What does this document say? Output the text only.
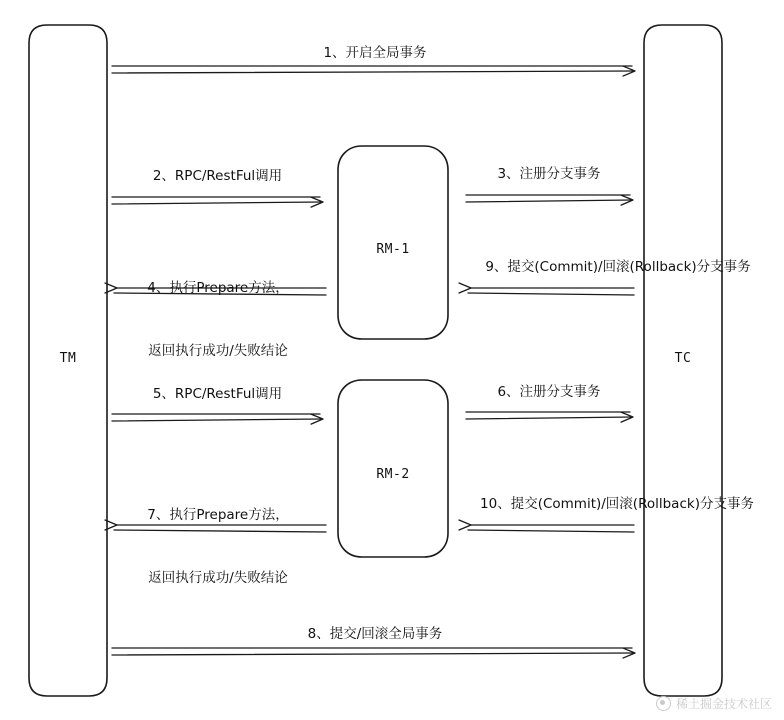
TM	TC
RM-1
RM-2
1、开启全局事务
2、RPC/RestFul调用	3、注册分支事务

4、执行Prepare方法，

返回执行成功/失败结论

9、提交(Commit)/回滚(Rollback)分支事务
5、RPC/RestFul调用	6、注册分支事务

7、执行Prepare方法，

返回执行成功/失败结论

10、提交(Commit)/回滚(Rollback)分支事务
8、提交/回滚全局事务
稀土掘金技术社区
